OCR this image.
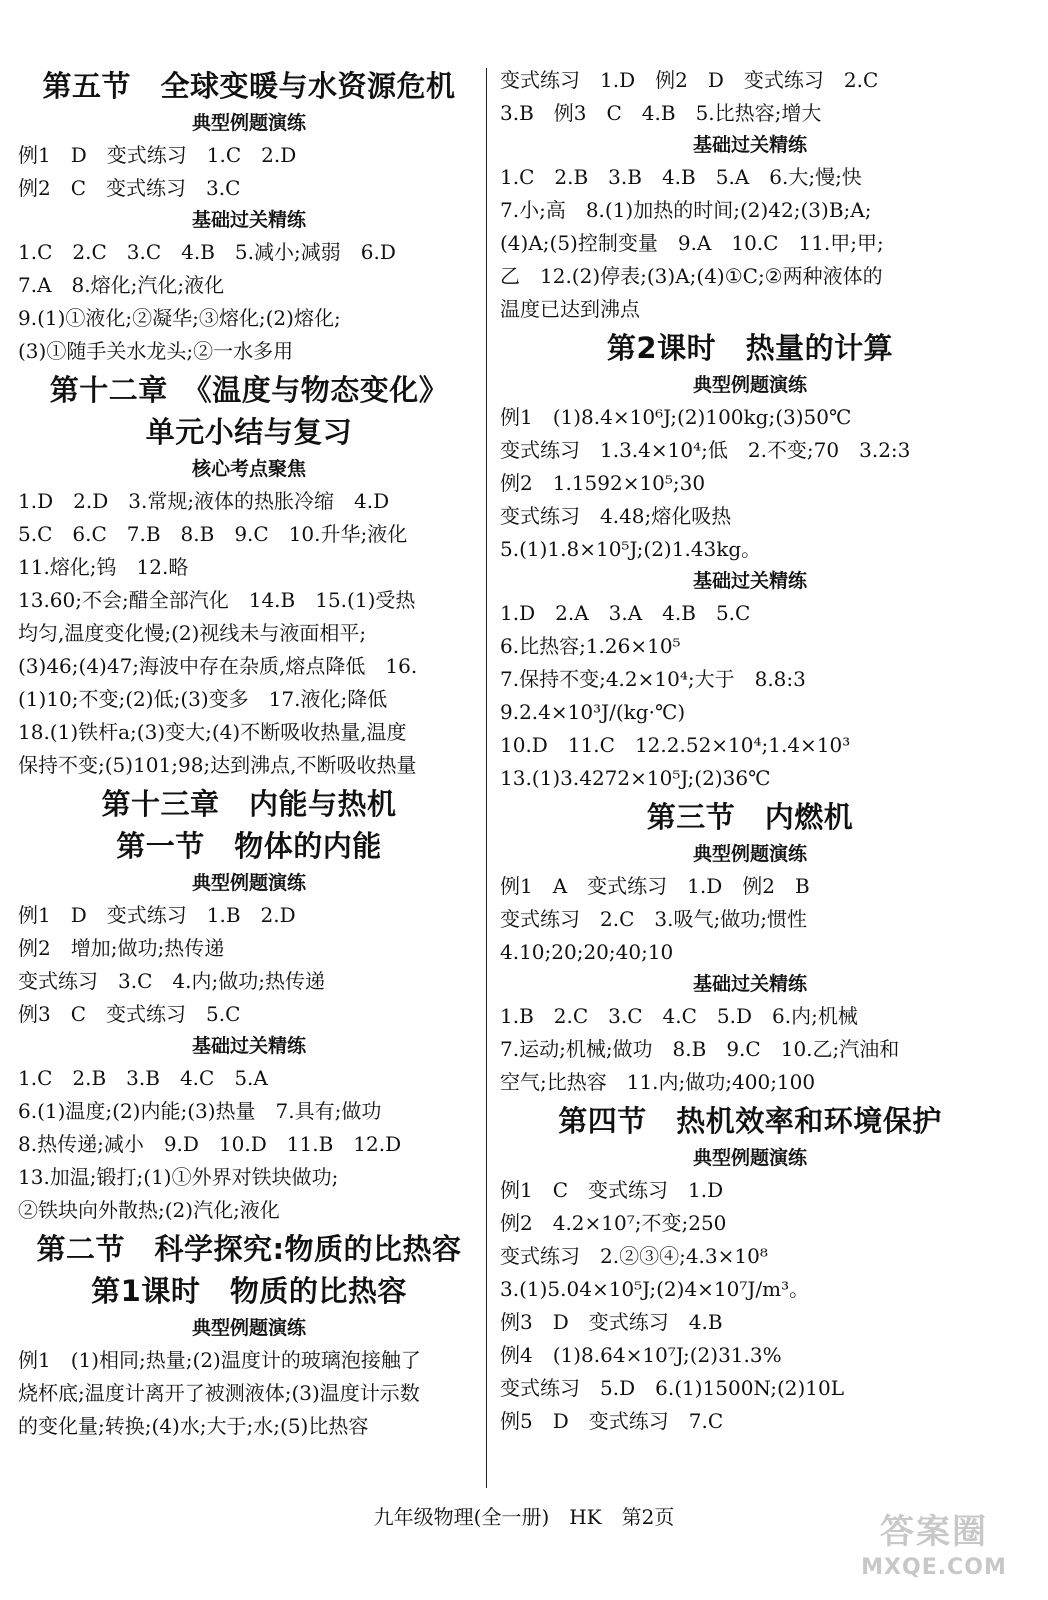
第五节　全球变暖与水资源危机
典型例题演练
例1　D　变式练习　1.C　2.D
例2　C　变式练习　3.C
基础过关精练
1.C　2.C　3.C　4.B　5.减小;减弱　6.D
7.A　8.熔化;汽化;液化
9.(1)①液化;②凝华;③熔化;(2)熔化;
(3)①随手关水龙头;②一水多用
第十二章　《温度与物态变化》
单元小结与复习
核心考点聚焦
1.D　2.D　3.常规;液体的热胀冷缩　4.D
5.C　6.C　7.B　8.B　9.C　10.升华;液化
11.熔化;钨　12.略
13.60;不会;醋全部汽化　14.B　15.(1)受热
均匀,温度变化慢;(2)视线未与液面相平;
(3)46;(4)47;海波中存在杂质,熔点降低　16.
(1)10;不变;(2)低;(3)变多　17.液化;降低
18.(1)铁杆a;(3)变大;(4)不断吸收热量,温度
保持不变;(5)101;98;达到沸点,不断吸收热量
第十三章　内能与热机
第一节　物体的内能
典型例题演练
例1　D　变式练习　1.B　2.D
例2　增加;做功;热传递
变式练习　3.C　4.内;做功;热传递
例3　C　变式练习　5.C
基础过关精练
1.C　2.B　3.B　4.C　5.A
6.(1)温度;(2)内能;(3)热量　7.具有;做功
8.热传递;减小　9.D　10.D　11.B　12.D
13.加温;锻打;(1)①外界对铁块做功;
②铁块向外散热;(2)汽化;液化
第二节　科学探究:物质的比热容
第1课时　物质的比热容
典型例题演练
例1　(1)相同;热量;(2)温度计的玻璃泡接触了
烧杯底;温度计离开了被测液体;(3)温度计示数
的变化量;转换;(4)水;大于;水;(5)比热容
变式练习　1.D　例2　D　变式练习　2.C
3.B　例3　C　4.B　5.比热容;增大
基础过关精练
1.C　2.B　3.B　4.B　5.A　6.大;慢;快
7.小;高　8.(1)加热的时间;(2)42;(3)B;A;
(4)A;(5)控制变量　9.A　10.C　11.甲;甲;
乙　12.(2)停表;(3)A;(4)①C;②两种液体的
温度已达到沸点
第2课时　热量的计算
典型例题演练
例1　(1)8.4×10⁶J;(2)100kg;(3)50℃
变式练习　1.3.4×10⁴;低　2.不变;70　3.2:3
例2　1.1592×10⁵;30
变式练习　4.48;熔化吸热
5.(1)1.8×10⁵J;(2)1.43kg。
基础过关精练
1.D　2.A　3.A　4.B　5.C
6.比热容;1.26×10⁵
7.保持不变;4.2×10⁴;大于　8.8:3
9.2.4×10³J/(kg·℃)
10.D　11.C　12.2.52×10⁴;1.4×10³
13.(1)3.4272×10⁵J;(2)36℃
第三节　内燃机
典型例题演练
例1　A　变式练习　1.D　例2　B
变式练习　2.C　3.吸气;做功;惯性
4.10;20;20;40;10
基础过关精练
1.B　2.C　3.C　4.C　5.D　6.内;机械
7.运动;机械;做功　8.B　9.C　10.乙;汽油和
空气;比热容　11.内;做功;400;100
第四节　热机效率和环境保护
典型例题演练
例1　C　变式练习　1.D
例2　4.2×10⁷;不变;250
变式练习　2.②③④;4.3×10⁸
3.(1)5.04×10⁵J;(2)4×10⁷J/m³。
例3　D　变式练习　4.B
例4　(1)8.64×10⁷J;(2)31.3%
变式练习　5.D　6.(1)1500N;(2)10L
例5　D　变式练习　7.C
九年级物理(全一册)　HK　第2页	答案圈
MXQE.COM
